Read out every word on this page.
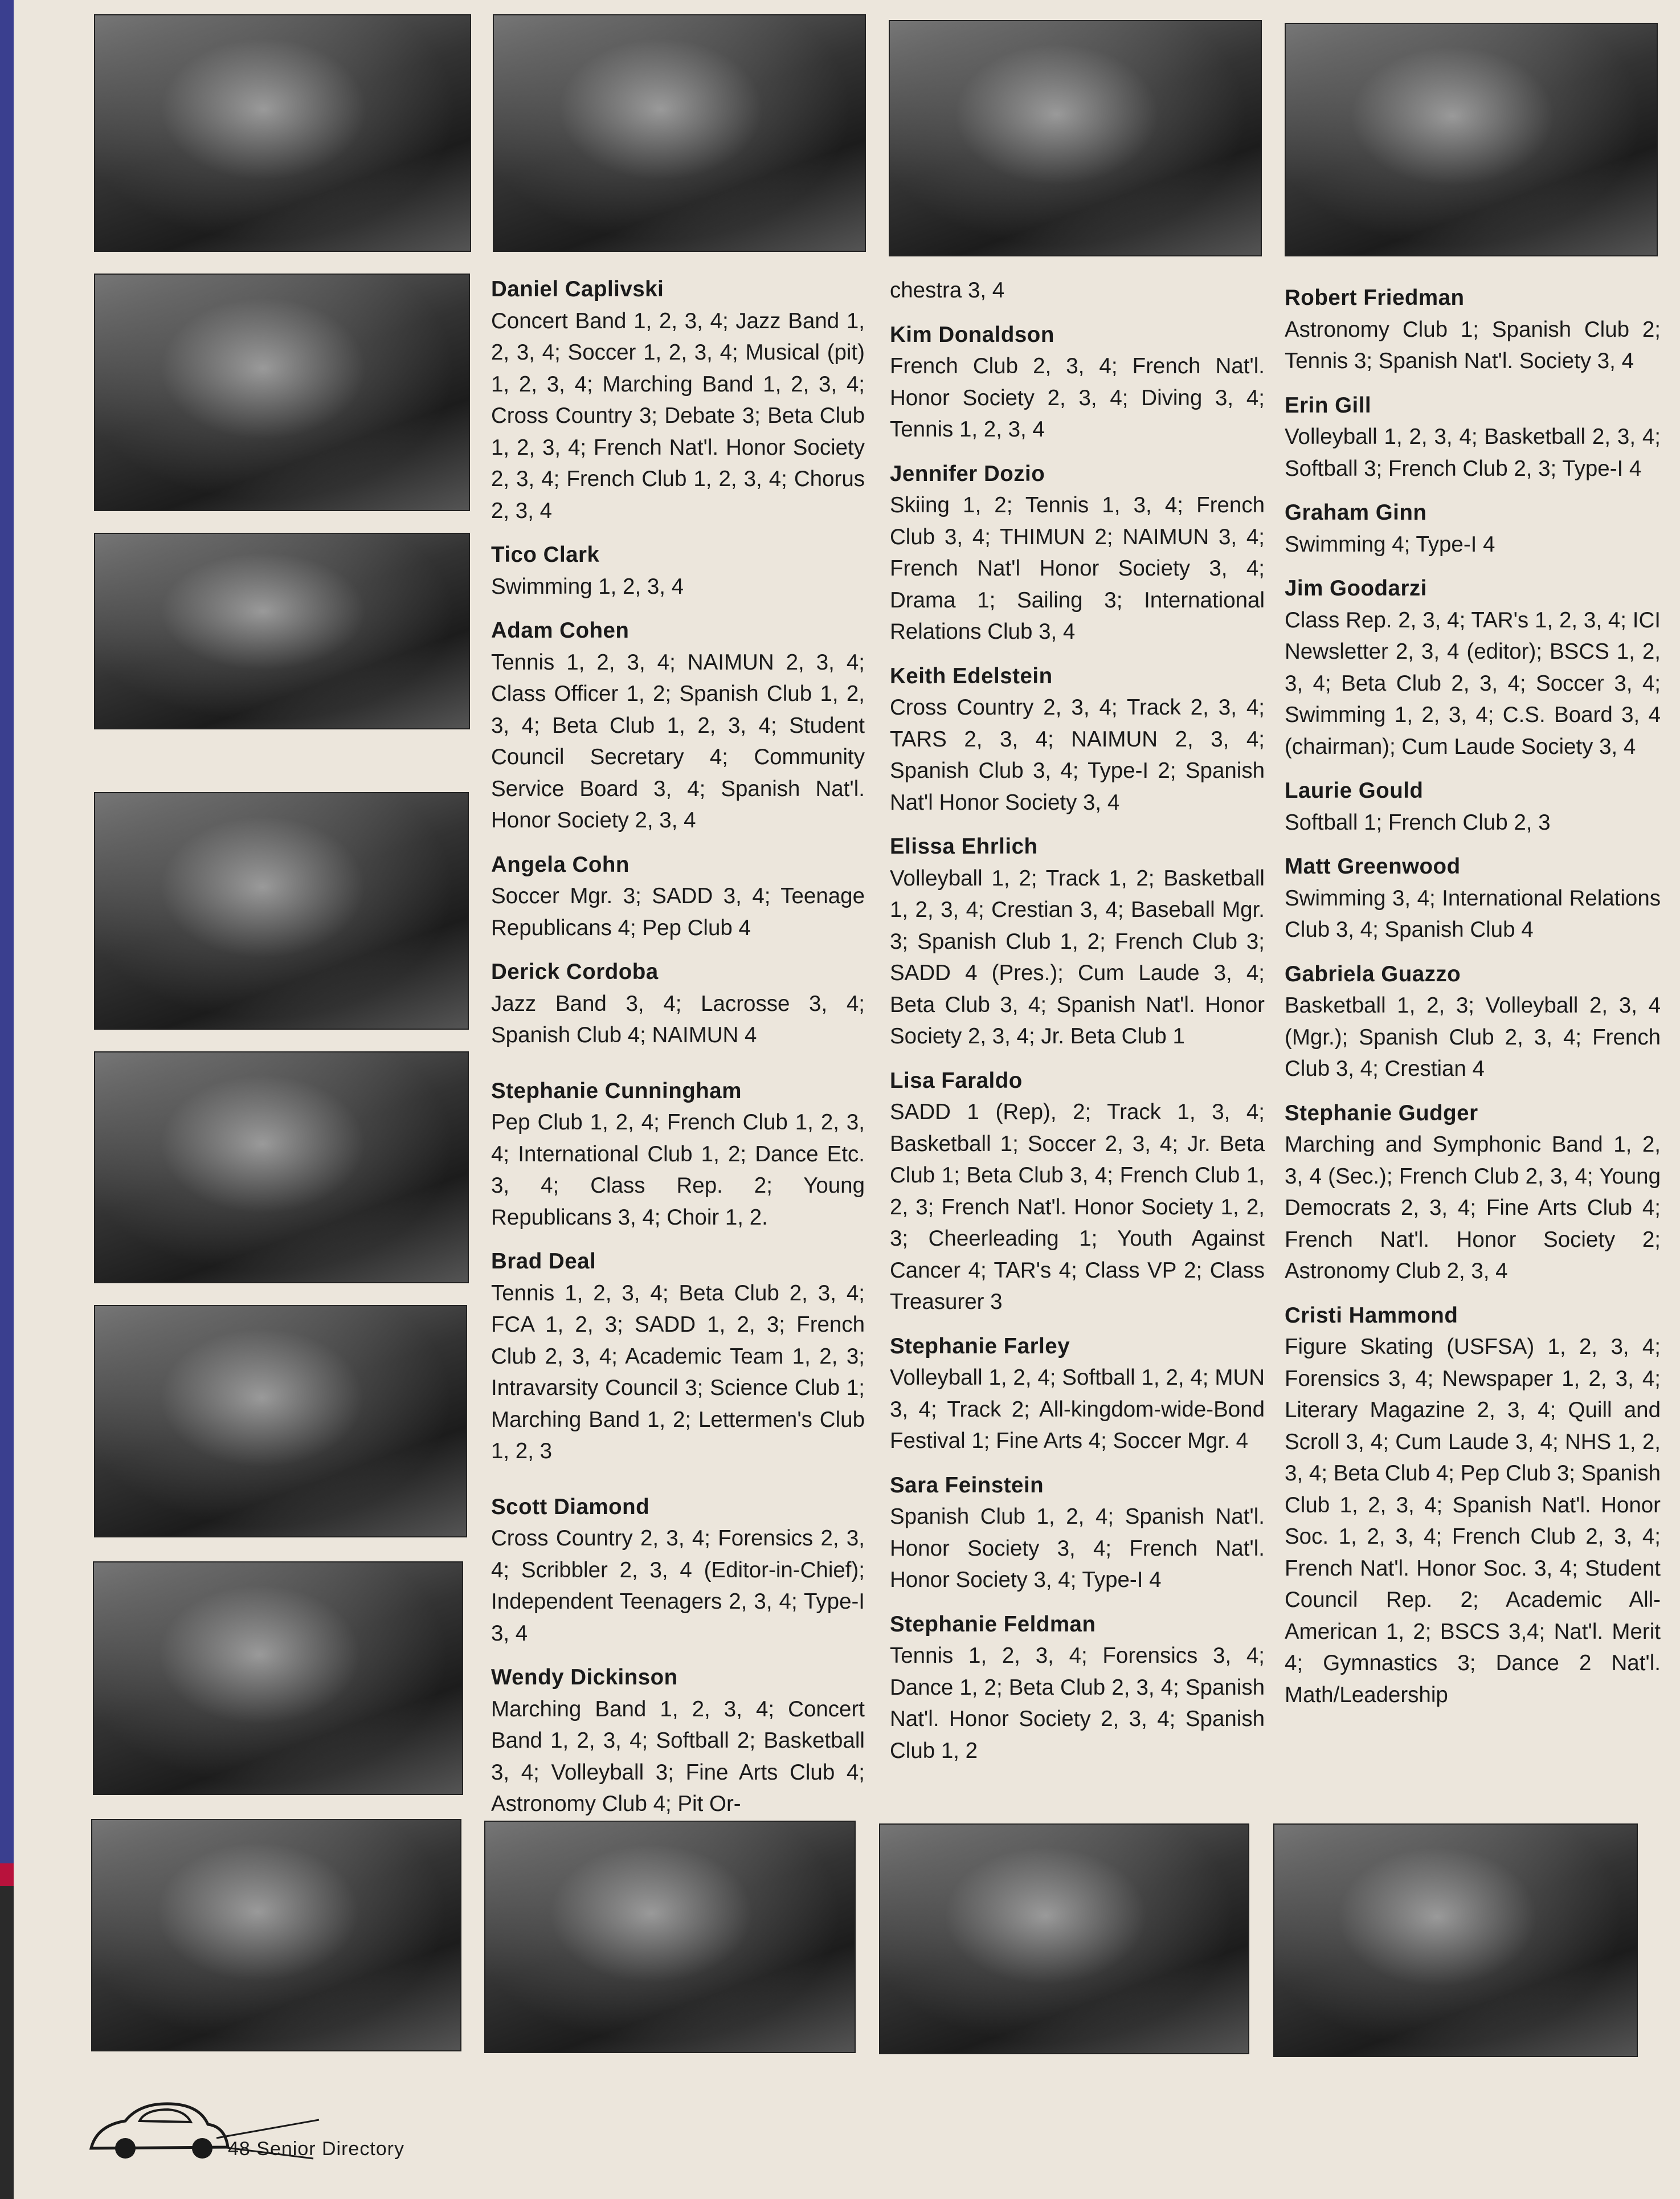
Daniel Caplivski
Concert Band 1, 2, 3, 4; Jazz Band 1, 2, 3, 4; Soccer 1, 2, 3, 4; Musical (pit) 1, 2, 3, 4; Marching Band 1, 2, 3, 4; Cross Country 3; Debate 3; Beta Club 1, 2, 3, 4; French Nat'l. Honor Society 2, 3, 4; French Club 1, 2, 3, 4; Chorus 2, 3, 4

Tico Clark
Swimming 1, 2, 3, 4

Adam Cohen
Tennis 1, 2, 3, 4; NAIMUN 2, 3, 4; Class Officer 1, 2; Spanish Club 1, 2, 3, 4; Beta Club 1, 2, 3, 4; Student Council Secretary 4; Community Service Board 3, 4; Spanish Nat'l. Honor Society 2, 3, 4

Angela Cohn
Soccer Mgr. 3; SADD 3, 4; Teenage Republicans 4; Pep Club 4

Derick Cordoba
Jazz Band 3, 4; Lacrosse 3, 4; Spanish Club 4; NAIMUN 4

Stephanie Cunningham
Pep Club 1, 2, 4; French Club 1, 2, 3, 4; International Club 1, 2; Dance Etc. 3, 4; Class Rep. 2; Young Republicans 3, 4; Choir 1, 2.

Brad Deal
Tennis 1, 2, 3, 4; Beta Club 2, 3, 4; FCA 1, 2, 3; SADD 1, 2, 3; French Club 2, 3, 4; Academic Team 1, 2, 3; Intravarsity Council 3; Science Club 1; Marching Band 1, 2; Lettermen's Club 1, 2, 3

Scott Diamond
Cross Country 2, 3, 4; Forensics 2, 3, 4; Scribbler 2, 3, 4 (Editor-in-Chief); Independent Teenagers 2, 3, 4; Type-I 3, 4

Wendy Dickinson
Marching Band 1, 2, 3, 4; Concert Band 1, 2, 3, 4; Softball 2; Basketball 3, 4; Volleyball 3; Fine Arts Club 4; Astronomy Club 4; Pit Or-

chestra 3, 4

Kim Donaldson
French Club 2, 3, 4; French Nat'l. Honor Society 2, 3, 4; Diving 3, 4; Tennis 1, 2, 3, 4

Jennifer Dozio
Skiing 1, 2; Tennis 1, 3, 4; French Club 3, 4; THIMUN 2; NAIMUN 3, 4; French Nat'l Honor Society 3, 4; Drama 1; Sailing 3; International Relations Club 3, 4

Keith Edelstein
Cross Country 2, 3, 4; Track 2, 3, 4; TARS 2, 3, 4; NAIMUN 2, 3, 4; Spanish Club 3, 4; Type-I 2; Spanish Nat'l Honor Society 3, 4

Elissa Ehrlich
Volleyball 1, 2; Track 1, 2; Basketball 1, 2, 3, 4; Crestian 3, 4; Baseball Mgr. 3; Spanish Club 1, 2; French Club 3; SADD 4 (Pres.); Cum Laude 3, 4; Beta Club 3, 4; Spanish Nat'l. Honor Society 2, 3, 4; Jr. Beta Club 1

Lisa Faraldo
SADD 1 (Rep), 2; Track 1, 3, 4; Basketball 1; Soccer 2, 3, 4; Jr. Beta Club 1; Beta Club 3, 4; French Club 1, 2, 3; French Nat'l. Honor Society 1, 2, 3; Cheerleading 1; Youth Against Cancer 4; TAR's 4; Class VP 2; Class Treasurer 3

Stephanie Farley
Volleyball 1, 2, 4; Softball 1, 2, 4; MUN 3, 4; Track 2; All-kingdom-wide-Bond Festival 1; Fine Arts 4; Soccer Mgr. 4

Sara Feinstein
Spanish Club 1, 2, 4; Spanish Nat'l. Honor Society 3, 4; French Nat'l. Honor Society 3, 4; Type-I 4

Stephanie Feldman
Tennis 1, 2, 3, 4; Forensics 3, 4; Dance 1, 2; Beta Club 2, 3, 4; Spanish Nat'l. Honor Society 2, 3, 4; Spanish Club 1, 2

Robert Friedman
Astronomy Club 1; Spanish Club 2; Tennis 3; Spanish Nat'l. Society 3, 4

Erin Gill
Volleyball 1, 2, 3, 4; Basketball 2, 3, 4; Softball 3; French Club 2, 3; Type-I 4

Graham Ginn
Swimming 4; Type-I 4

Jim Goodarzi
Class Rep. 2, 3, 4; TAR's 1, 2, 3, 4; ICI Newsletter 2, 3, 4 (editor); BSCS 1, 2, 3, 4; Beta Club 2, 3, 4; Soccer 3, 4; Swimming 1, 2, 3, 4; C.S. Board 3, 4 (chairman); Cum Laude Society 3, 4

Laurie Gould
Softball 1; French Club 2, 3

Matt Greenwood
Swimming 3, 4; International Relations Club 3, 4; Spanish Club 4

Gabriela Guazzo
Basketball 1, 2, 3; Volleyball 2, 3, 4 (Mgr.); Spanish Club 2, 3, 4; French Club 3, 4; Crestian 4

Stephanie Gudger
Marching and Symphonic Band 1, 2, 3, 4 (Sec.); French Club 2, 3, 4; Young Democrats 2, 3, 4; Fine Arts Club 4; French Nat'l. Honor Society 2; Astronomy Club 2, 3, 4

Cristi Hammond
Figure Skating (USFSA) 1, 2, 3, 4; Forensics 3, 4; Newspaper 1, 2, 3, 4; Literary Magazine 2, 3, 4; Quill and Scroll 3, 4; Cum Laude 3, 4; NHS 1, 2, 3, 4; Beta Club 4; Pep Club 3; Spanish Club 1, 2, 3, 4; Spanish Nat'l. Honor Soc. 1, 2, 3, 4; French Club 2, 3, 4; French Nat'l. Honor Soc. 3, 4; Student Council Rep. 2; Academic All-American 1, 2; BSCS 3,4; Nat'l. Merit 4; Gymnastics 3; Dance 2 Nat'l. Math/Leadership

48 Senior Directory
